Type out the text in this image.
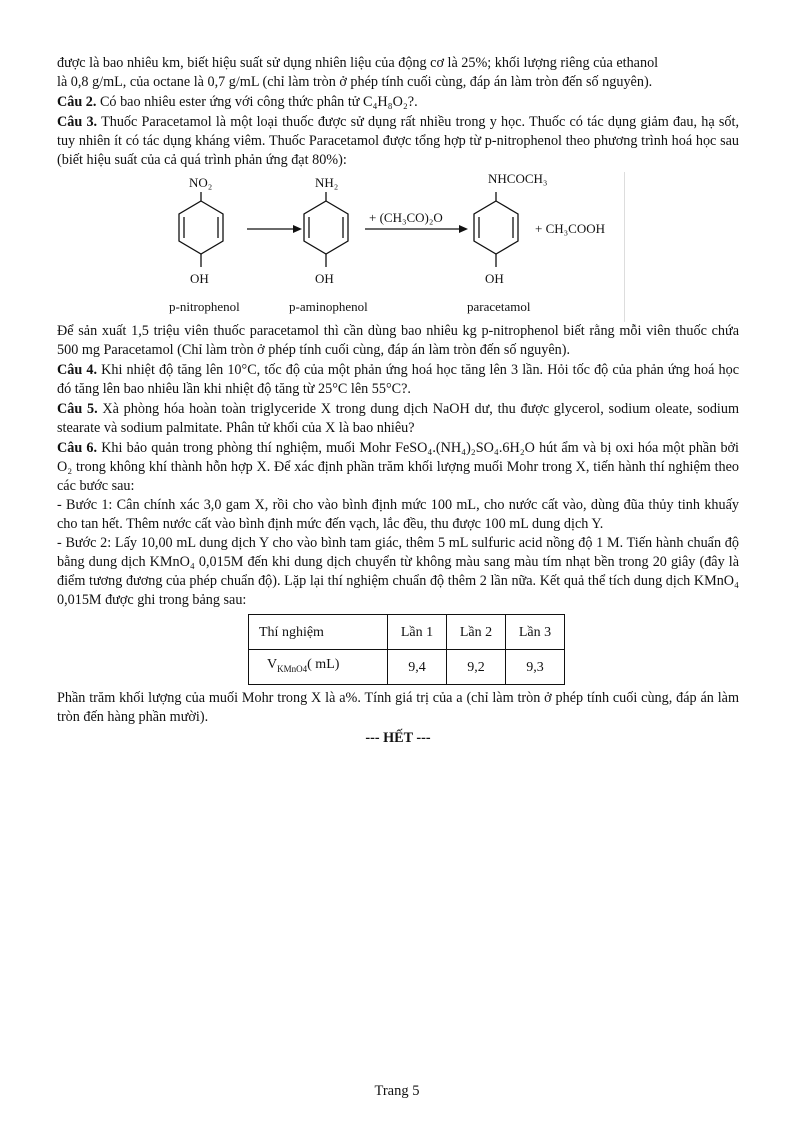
được là bao nhiêu km, biết hiệu suất sử dụng nhiên liệu của động cơ là 25%; khối lượng riêng của ethanol

là 0,8 g/mL, của octane là 0,7 g/mL (chỉ làm tròn ở phép tính cuối cùng, đáp án làm tròn đến số nguyên).

Câu 2. Có bao nhiêu ester ứng với công thức phân tử C₄H₈O₂?.

Câu 3. Thuốc Paracetamol là một loại thuốc được sử dụng rất nhiều trong y học. Thuốc có tác dụng giảm đau, hạ sốt, tuy nhiên ít có tác dụng kháng viêm. Thuốc Paracetamol được tổng hợp từ p-nitrophenol theo phương trình hoá học sau (biết hiệu suất của cả quá trình phản ứng đạt 80%):

NO₂	NH₂	NHCOCH₃
OH	OH	OH
+ (CH₃CO)₂O
+ CH₃COOH
p-nitrophenol	p-aminophenol	paracetamol

Để sản xuất 1,5 triệu viên thuốc paracetamol thì cần dùng bao nhiêu kg p-nitrophenol biết rằng mỗi viên thuốc chứa 500 mg Paracetamol (Chỉ làm tròn ở phép tính cuối cùng, đáp án làm tròn đến số nguyên).

Câu 4. Khi nhiệt độ tăng lên 10°C, tốc độ của một phản ứng hoá học tăng lên 3 lần. Hỏi tốc độ của phản ứng hoá học đó tăng lên bao nhiêu lần khi nhiệt độ tăng từ 25°C lên 55°C?.

Câu 5. Xà phòng hóa hoàn toàn triglyceride X trong dung dịch NaOH dư, thu được glycerol, sodium oleate, sodium stearate và sodium palmitate. Phân tử khối của X là bao nhiêu?

Câu 6. Khi bảo quản trong phòng thí nghiệm, muối Mohr FeSO₄.(NH₄)₂SO₄.6H₂O hút ẩm và bị oxi hóa một phần bởi O₂ trong không khí thành hỗn hợp X. Để xác định phần trăm khối lượng muối Mohr trong X, tiến hành thí nghiệm theo các bước sau:

- Bước 1: Cân chính xác 3,0 gam X, rồi cho vào bình định mức 100 mL, cho nước cất vào, dùng đũa thủy tinh khuấy cho tan hết. Thêm nước cất vào bình định mức đến vạch, lắc đều, thu được 100 mL dung dịch Y.

- Bước 2: Lấy 10,00 mL dung dịch Y cho vào bình tam giác, thêm 5 mL sulfuric acid nồng độ 1 M. Tiến hành chuẩn độ bằng dung dịch KMnO₄ 0,015M đến khi dung dịch chuyển từ không màu sang màu tím nhạt bền trong 20 giây (đây là điểm tương đương của phép chuẩn độ). Lặp lại thí nghiệm chuẩn độ thêm 2 lần nữa. Kết quả thể tích dung dịch KMnO₄ 0,015M được ghi trong bảng sau:

Thí nghiệm	Lần 1	Lần 2	Lần 3
$V_{KMnO4}$( mL)	9,4	9,2	9,3

Phần trăm khối lượng của muối Mohr trong X là a%. Tính giá trị của a (chỉ làm tròn ở phép tính cuối cùng, đáp án làm tròn đến hàng phần mười).

--- HẾT ---

Trang 5
